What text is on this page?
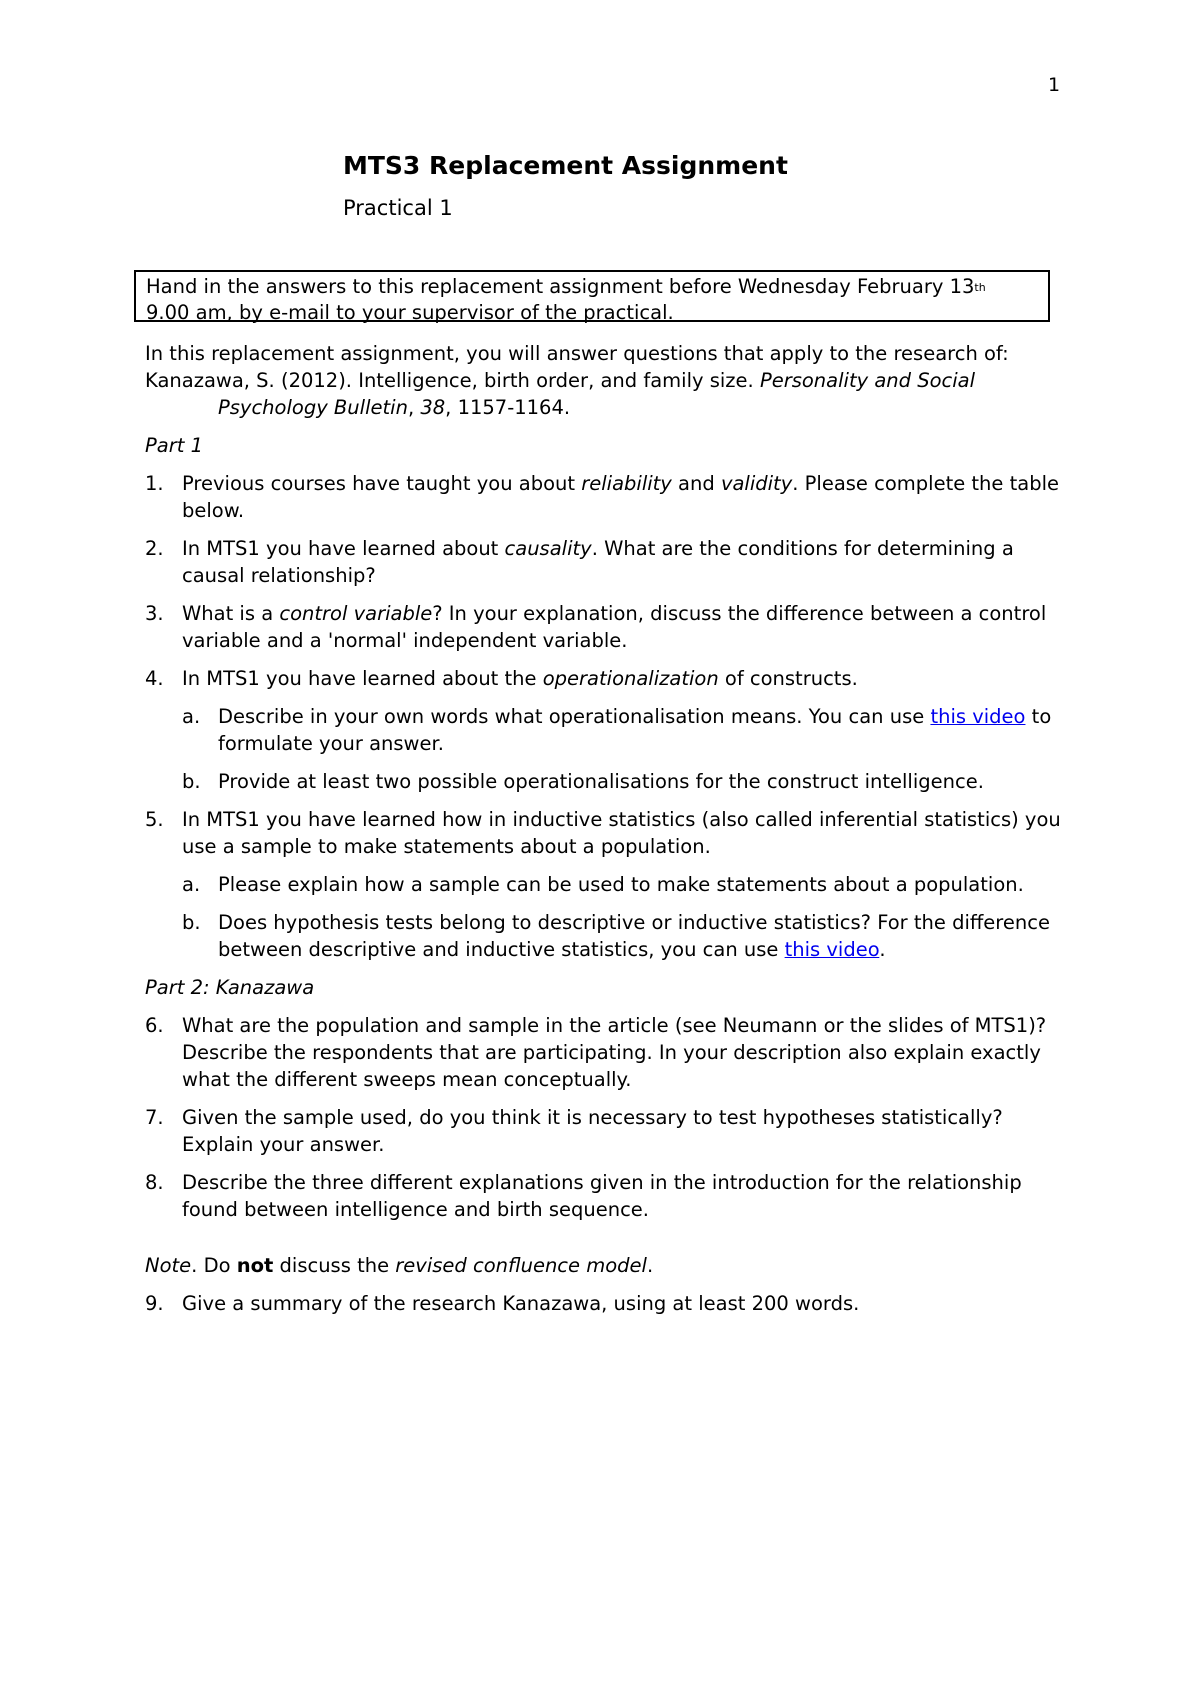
1
MTS3 Replacement Assignment
Practical 1
Hand in the answers to this replacement assignment before Wednesday February 13th
9.00 am, by e-mail to your supervisor of the practical.
In this replacement assignment, you will answer questions that apply to the research of:
Kanazawa, S. (2012). Intelligence, birth order, and family size. Personality and Social
Psychology Bulletin, 38, 1157-1164.
Part 1
1. Previous courses have taught you about reliability and validity. Please complete the table below.
2. In MTS1 you have learned about causality. What are the conditions for determining a causal relationship?
3. What is a control variable? In your explanation, discuss the difference between a control variable and a 'normal' independent variable.
4. In MTS1 you have learned about the operationalization of constructs.
a. Describe in your own words what operationalisation means. You can use this video to formulate your answer.
b. Provide at least two possible operationalisations for the construct intelligence.
5. In MTS1 you have learned how in inductive statistics (also called inferential statistics) you use a sample to make statements about a population.
a. Please explain how a sample can be used to make statements about a population.
b. Does hypothesis tests belong to descriptive or inductive statistics? For the difference between descriptive and inductive statistics, you can use this video.
Part 2: Kanazawa
6. What are the population and sample in the article (see Neumann or the slides of MTS1)? Describe the respondents that are participating. In your description also explain exactly what the different sweeps mean conceptually.
7. Given the sample used, do you think it is necessary to test hypotheses statistically? Explain your answer.
8. Describe the three different explanations given in the introduction for the relationship found between intelligence and birth sequence.
Note. Do not discuss the revised confluence model.
9. Give a summary of the research Kanazawa, using at least 200 words.
